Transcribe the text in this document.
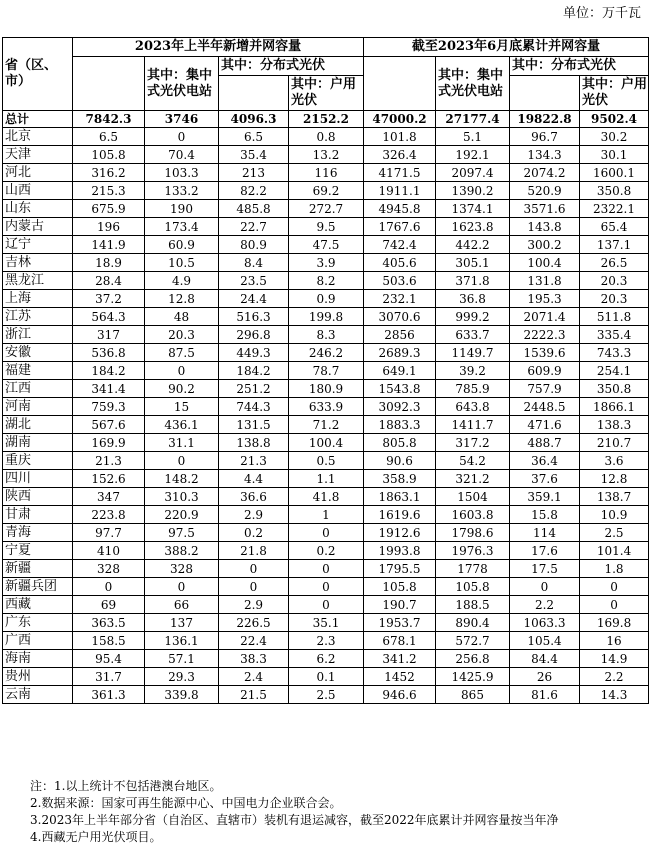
单位：万千瓦
省（区、市）	2023年上半年新增并网容量				截至2023年6月底累计并网容量			
		其中：集中式光伏电站	其中：分布式光伏			其中：集中式光伏电站	其中：分布式光伏	
				其中：户用光伏				其中：户用光伏
总计	7842.3	3746	4096.3	2152.2	47000.2	27177.4	19822.8	9502.4
北京	6.5	0	6.5	0.8	101.8	5.1	96.7	30.2
天津	105.8	70.4	35.4	13.2	326.4	192.1	134.3	30.1
河北	316.2	103.3	213	116	4171.5	2097.4	2074.2	1600.1
山西	215.3	133.2	82.2	69.2	1911.1	1390.2	520.9	350.8
山东	675.9	190	485.8	272.7	4945.8	1374.1	3571.6	2322.1
内蒙古	196	173.4	22.7	9.5	1767.6	1623.8	143.8	65.4
辽宁	141.9	60.9	80.9	47.5	742.4	442.2	300.2	137.1
吉林	18.9	10.5	8.4	3.9	405.6	305.1	100.4	26.5
黑龙江	28.4	4.9	23.5	8.2	503.6	371.8	131.8	20.3
上海	37.2	12.8	24.4	0.9	232.1	36.8	195.3	20.3
江苏	564.3	48	516.3	199.8	3070.6	999.2	2071.4	511.8
浙江	317	20.3	296.8	8.3	2856	633.7	2222.3	335.4
安徽	536.8	87.5	449.3	246.2	2689.3	1149.7	1539.6	743.3
福建	184.2	0	184.2	78.7	649.1	39.2	609.9	254.1
江西	341.4	90.2	251.2	180.9	1543.8	785.9	757.9	350.8
河南	759.3	15	744.3	633.9	3092.3	643.8	2448.5	1866.1
湖北	567.6	436.1	131.5	71.2	1883.3	1411.7	471.6	138.3
湖南	169.9	31.1	138.8	100.4	805.8	317.2	488.7	210.7
重庆	21.3	0	21.3	0.5	90.6	54.2	36.4	3.6
四川	152.6	148.2	4.4	1.1	358.9	321.2	37.6	12.8
陕西	347	310.3	36.6	41.8	1863.1	1504	359.1	138.7
甘肃	223.8	220.9	2.9	1	1619.6	1603.8	15.8	10.9
青海	97.7	97.5	0.2	0	1912.6	1798.6	114	2.5
宁夏	410	388.2	21.8	0.2	1993.8	1976.3	17.6	101.4
新疆	328	328	0	0	1795.5	1778	17.5	1.8
新疆兵团	0	0	0	0	105.8	105.8	0	0
西藏	69	66	2.9	0	190.7	188.5	2.2	0
广东	363.5	137	226.5	35.1	1953.7	890.4	1063.3	169.8
广西	158.5	136.1	22.4	2.3	678.1	572.7	105.4	16
海南	95.4	57.1	38.3	6.2	341.2	256.8	84.4	14.9
贵州	31.7	29.3	2.4	0.1	1452	1425.9	26	2.2
云南	361.3	339.8	21.5	2.5	946.6	865	81.6	14.3
注：1.以上统计不包括港澳台地区。
2.数据来源：国家可再生能源中心、中国电力企业联合会。
3.2023年上半年部分省（自治区、直辖市）装机有退运减容，截至2022年底累计并网容量按当年净
4.西藏无户用光伏项目。
